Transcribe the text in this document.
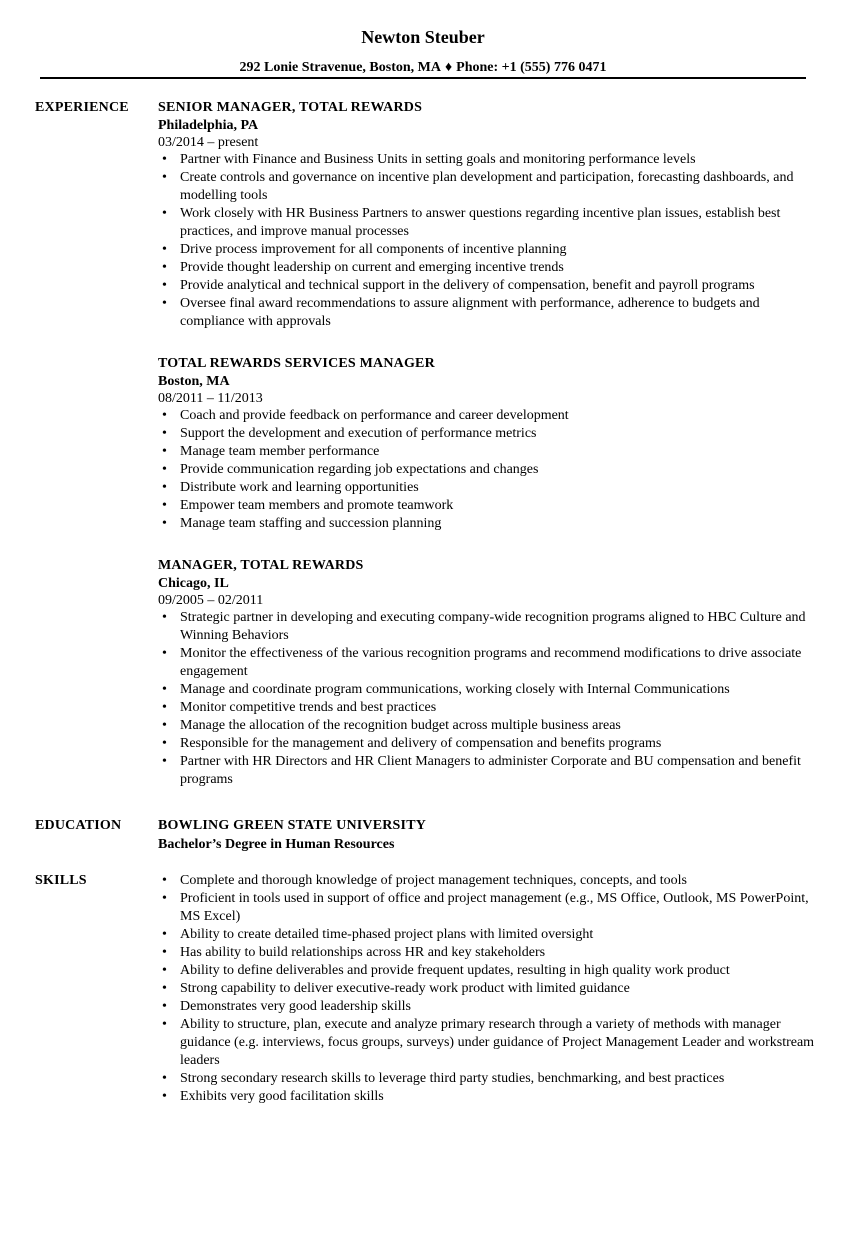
Newton Steuber
292 Lonie Stravenue, Boston, MA ♦ Phone: +1 (555) 776 0471
EXPERIENCE	SENIOR MANAGER, TOTAL REWARDS
Philadelphia, PA
03/2014 – present
• Partner with Finance and Business Units in setting goals and monitoring performance levels
• Create controls and governance on incentive plan development and participation, forecasting dashboards, and modelling tools
• Work closely with HR Business Partners to answer questions regarding incentive plan issues, establish best practices, and improve manual processes
• Drive process improvement for all components of incentive planning
• Provide thought leadership on current and emerging incentive trends
• Provide analytical and technical support in the delivery of compensation, benefit and payroll programs
• Oversee final award recommendations to assure alignment with performance, adherence to budgets and compliance with approvals
TOTAL REWARDS SERVICES MANAGER
Boston, MA
08/2011 – 11/2013
• Coach and provide feedback on performance and career development
• Support the development and execution of performance metrics
• Manage team member performance
• Provide communication regarding job expectations and changes
• Distribute work and learning opportunities
• Empower team members and promote teamwork
• Manage team staffing and succession planning
MANAGER, TOTAL REWARDS
Chicago, IL
09/2005 – 02/2011
• Strategic partner in developing and executing company-wide recognition programs aligned to HBC Culture and Winning Behaviors
• Monitor the effectiveness of the various recognition programs and recommend modifications to drive associate engagement
• Manage and coordinate program communications, working closely with Internal Communications
• Monitor competitive trends and best practices
• Manage the allocation of the recognition budget across multiple business areas
• Responsible for the management and delivery of compensation and benefits programs
• Partner with HR Directors and HR Client Managers to administer Corporate and BU compensation and benefit programs
EDUCATION	BOWLING GREEN STATE UNIVERSITY
Bachelor’s Degree in Human Resources
SKILLS
•	Complete and thorough knowledge of project management techniques, concepts, and tools
• Proficient in tools used in support of office and project management (e.g., MS Office, Outlook, MS PowerPoint, MS Excel)
• Ability to create detailed time-phased project plans with limited oversight
• Has ability to build relationships across HR and key stakeholders
• Ability to define deliverables and provide frequent updates, resulting in high quality work product
• Strong capability to deliver executive-ready work product with limited guidance
• Demonstrates very good leadership skills
• Ability to structure, plan, execute and analyze primary research through a variety of methods with manager guidance (e.g. interviews, focus groups, surveys) under guidance of Project Management Leader and workstream leaders
• Strong secondary research skills to leverage third party studies, benchmarking, and best practices
• Exhibits very good facilitation skills
